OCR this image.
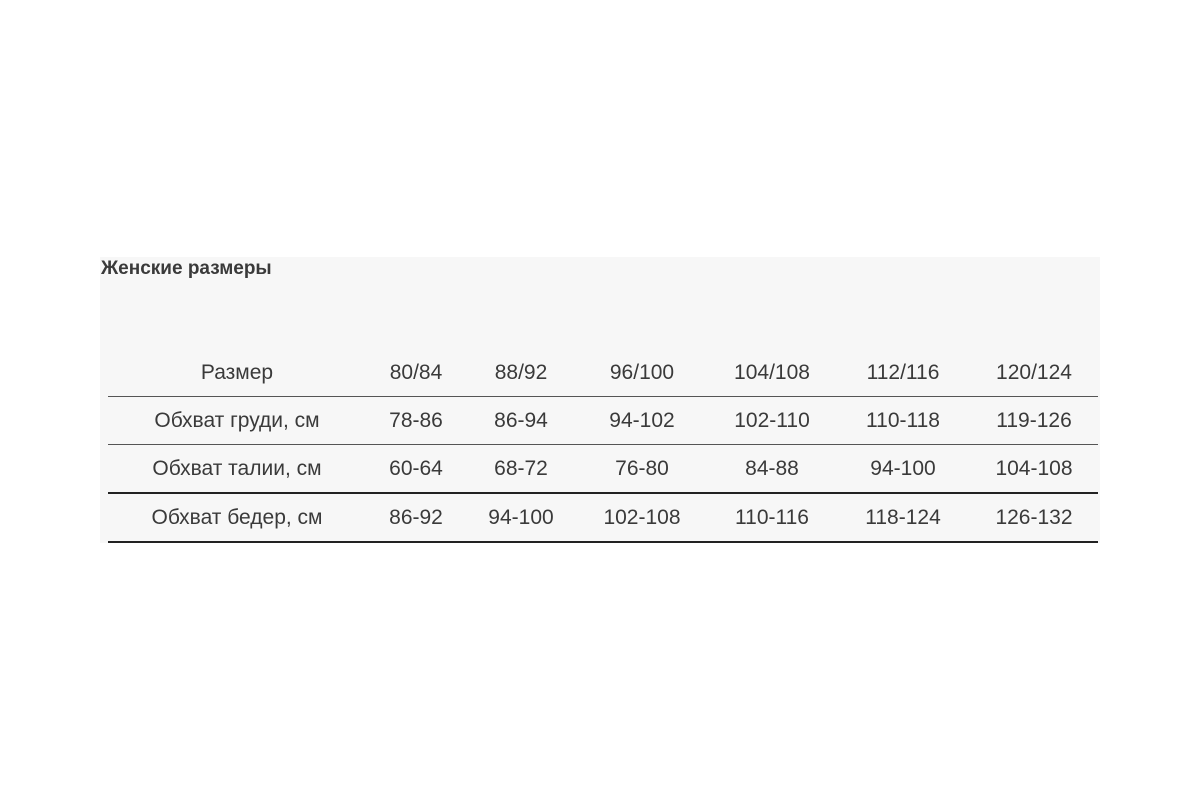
Женские размеры
Размер	80/84	88/92	96/100	104/108	112/116	120/124
Обхват груди, см	78-86	86-94	94-102	102-110	110-118	119-126
Обхват талии, см	60-64	68-72	76-80	84-88	94-100	104-108
Обхват бедер, см	86-92	94-100	102-108	110-116	118-124	126-132
